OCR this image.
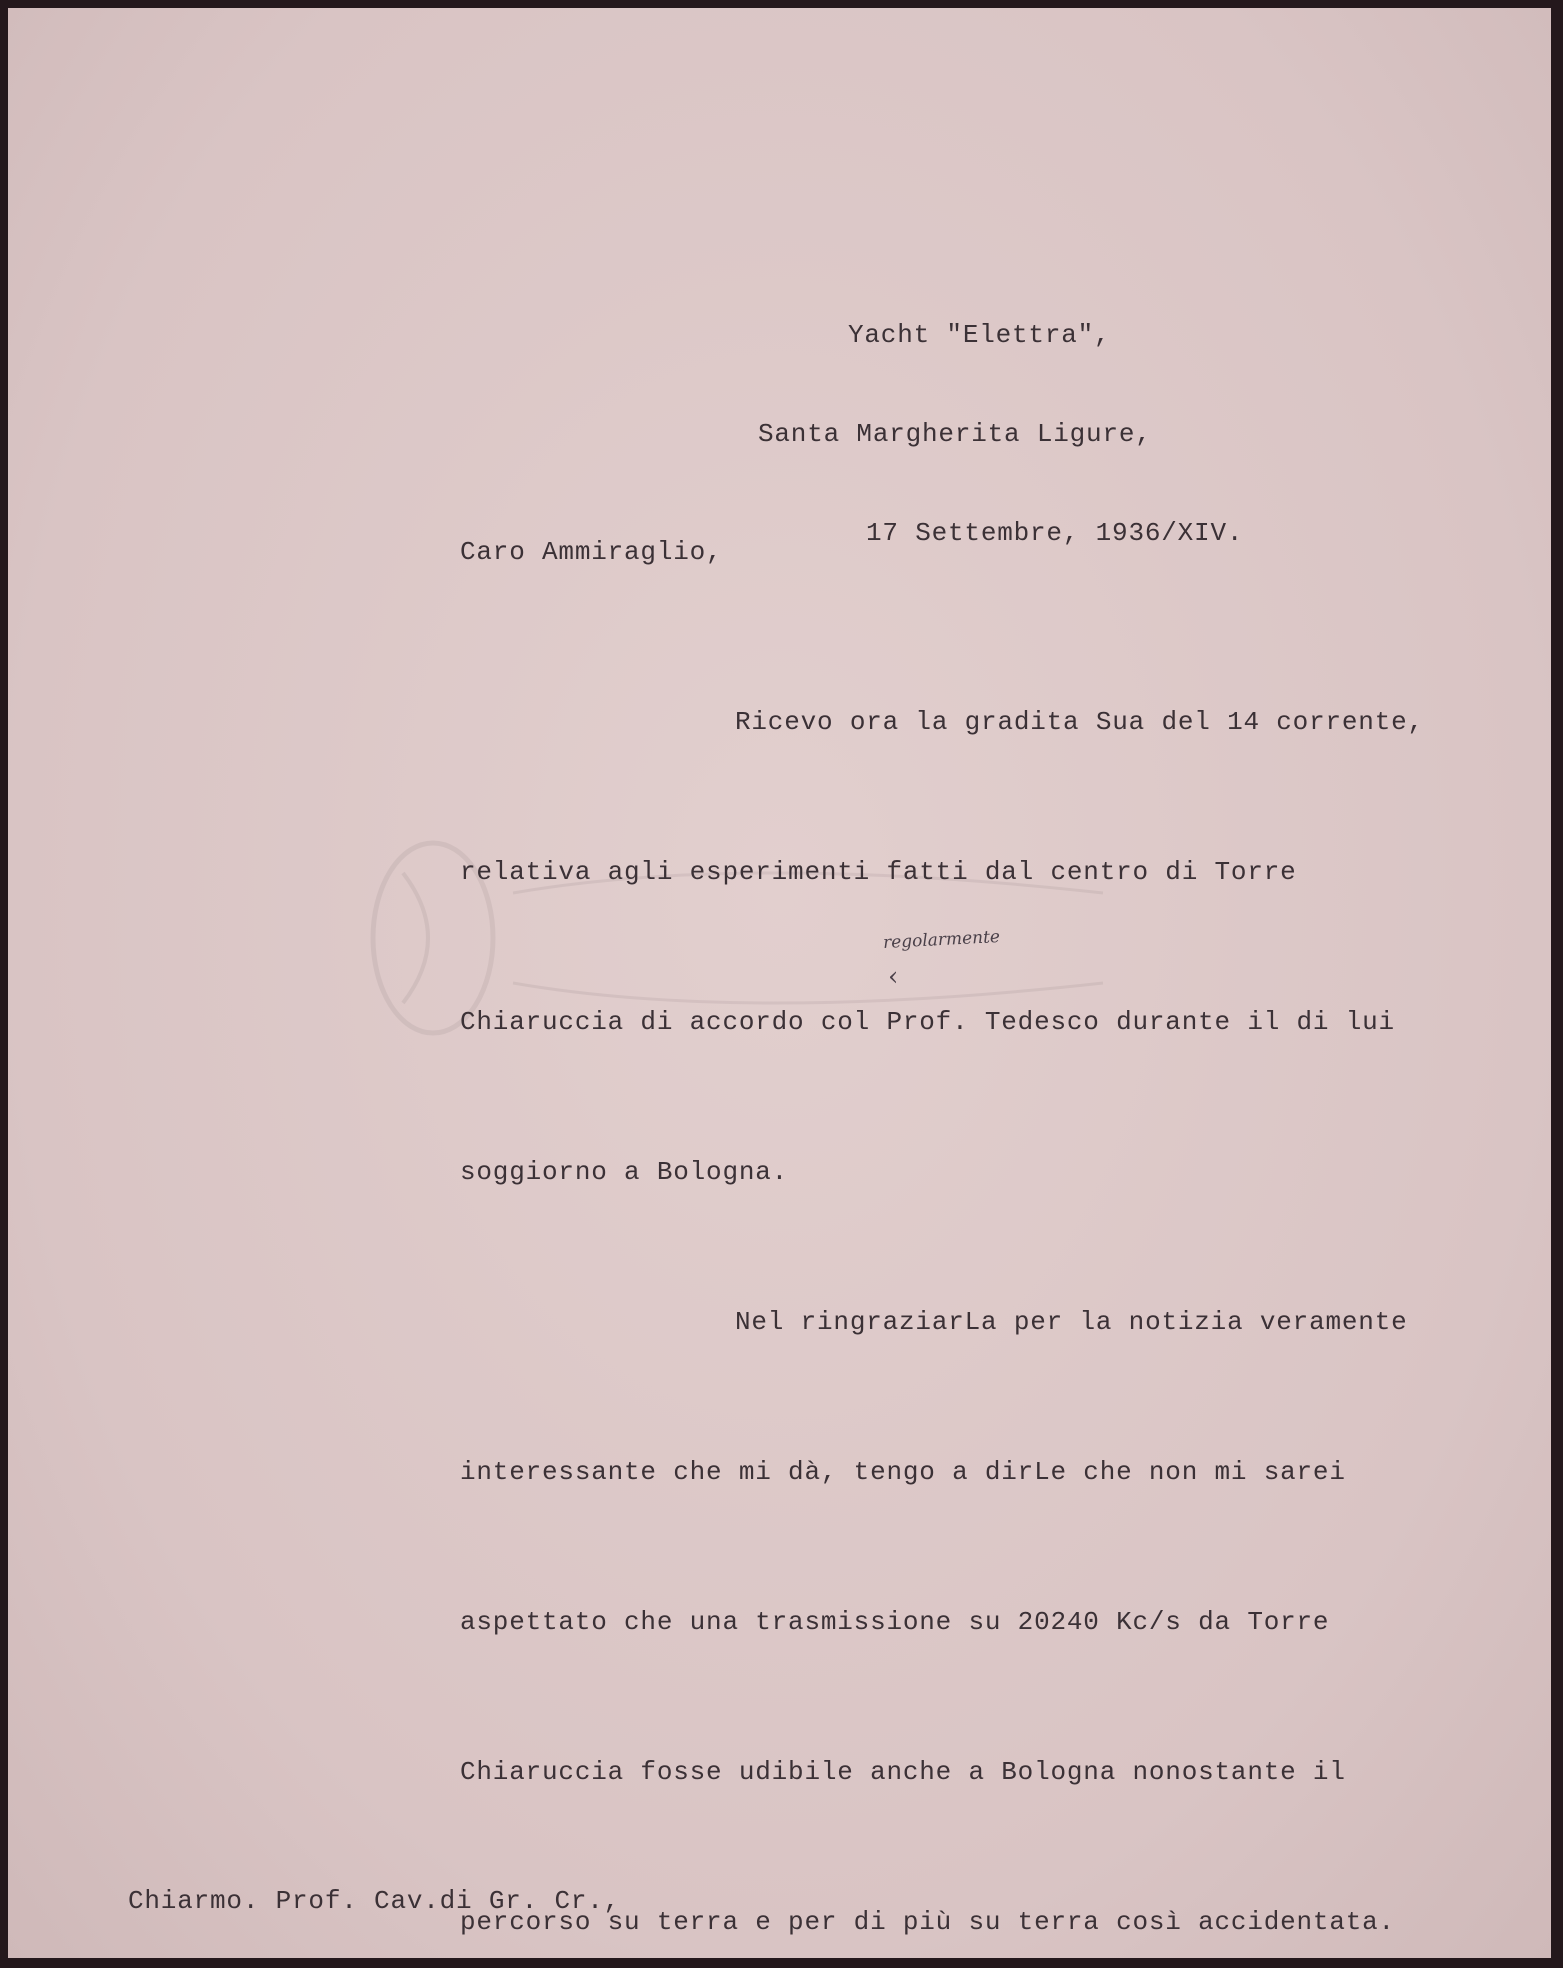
Yacht "Elettra",

Santa Margherita Ligure,

17 Settembre, 1936/XIV.

Caro Ammiraglio,

Ricevo ora la gradita Sua del 14 corrente,

relativa agli esperimenti fatti dal centro di Torre

Chiaruccia di accordo col Prof. Tedesco durante il di lui

soggiorno a Bologna.

Nel ringraziarLa per la notizia veramente

interessante che mi dà, tengo a dirLe che non mi sarei

aspettato che una trasmissione su 20240 Kc/s da Torre

Chiaruccia fosse udibile anche a Bologna nonostante il

percorso su terra e per di più su terra così accidentata.

regolarmente
‹

Chiarmo. Prof. Cav.di Gr. Cr.,
